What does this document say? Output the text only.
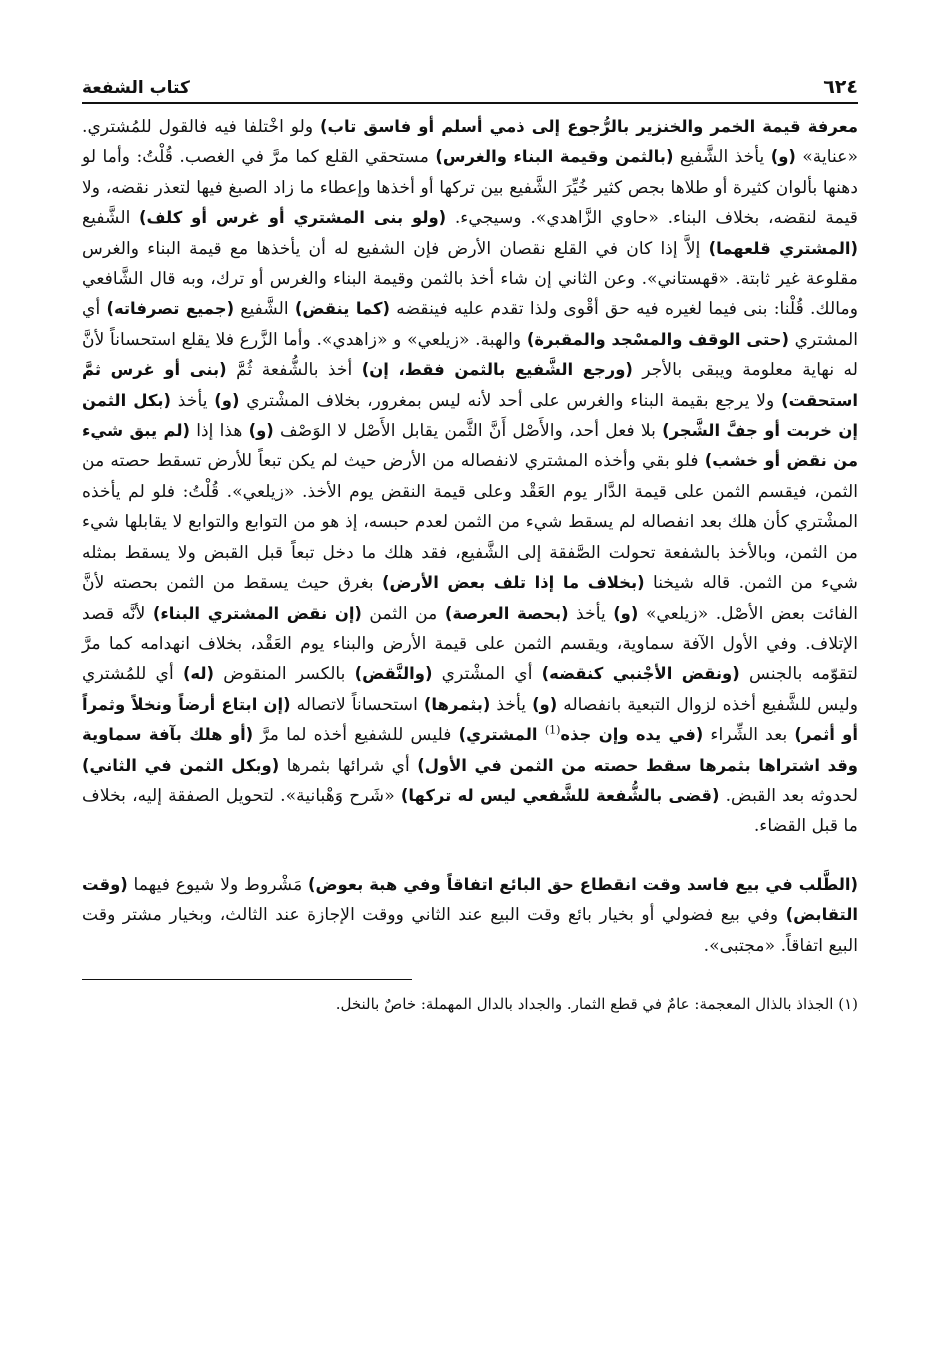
٦٢٤
كتاب الشفعة

معرفة قيمة الخمر والخنزير بالرُّجوع إلى ذمي أسلم أو فاسق تاب) ولو اخْتلفا فيه فالقول للمُشتري. «عناية» (و) يأخذ الشَّفيع (بالثمن وقيمة البناء والغرس) مستحقي القلع كما مرَّ في الغصب. قُلْتُ: وأما لو دهنها بألوان كثيرة أو طلاها بجص كثير خُيِّرَ الشَّفيع بين تركها أو أخذها وإعطاء ما زاد الصبغ فيها لتعذر نقضه، ولا قيمة لنقضه، بخلاف البناء. «حاوي الزَّاهدي». وسيجيء. (ولو بنى المشتري أو غرس أو كلف) الشَّفيع (المشتري قلعهما) إلاَّ إذا كان في القلع نقصان الأرض فإن الشفيع له أن يأخذها مع قيمة البناء والغرس مقلوعة غير ثابتة. «قهستاني». وعن الثاني إن شاء أخذ بالثمن وقيمة البناء والغرس أو ترك، وبه قال الشَّافعي ومالك. قُلْنا: بنى فيما لغيره فيه حق أقْوى ولذا تقدم عليه فينقضه (كما ينقض) الشَّفيع (جميع تصرفاته) أي المشتري (حتى الوقف والمسْجد والمقبرة) والهبة. «زيلعي» و «زاهدي». وأما الزَّرع فلا يقلع استحساناً لأنَّ له نهاية معلومة ويبقى بالأجر (ورجع الشَّفيع بالثمن فقط، إن) أخذ بالشُّفعة ثُمَّ (بنى أو غرس ثمَّ استحقت) ولا يرجع بقيمة البناء والغرس على أحد لأنه ليس بمغرور، بخلاف المشْتري (و) يأخذ (بكل الثمن إن خربت أو جفَّ الشَّجر) بلا فعل أحد، والأَصْل أَنَّ الثَّمن يقابل الأَصْل لا الوَصْف (و) هذا إذا (لم يبق شيء من نقض أو خشب) فلو بقي وأخذه المشتري لانفصاله من الأرض حيث لم يكن تبعاً للأرض تسقط حصته من الثمن، فيقسم الثمن على قيمة الدَّار يوم العَقْد وعلى قيمة النقض يوم الأخذ. «زيلعي». قُلْتُ: فلو لم يأخذه المشْتري كأن هلك بعد انفصاله لم يسقط شيء من الثمن لعدم حبسه، إذ هو من التوابع والتوابع لا يقابلها شيء من الثمن، وبالأخذ بالشفعة تحولت الصَّفقة إلى الشَّفيع، فقد هلك ما دخل تبعاً قبل القبض ولا يسقط بمثله شيء من الثمن. قاله شيخنا (بخلاف ما إذا تلف بعض الأرض) بغرق حيث يسقط من الثمن بحصته لأنَّ الفائت بعض الأصْل. «زيلعي» (و) يأخذ (بحصة العرصة) من الثمن (إن نقض المشتري البناء) لأنَّه قصد الإتلاف. وفي الأول الآفة سماوية، ويقسم الثمن على قيمة الأرض والبناء يوم العَقْد، بخلاف انهدامه كما مرَّ لتقوّمه بالجنس (ونقض الأجْنبي كنقضه) أي المشْتري (والنَّقض) بالكسر المنقوض (له) أي للمُشتري وليس للشَّفيع أخذه لزوال التبعية بانفصاله (و) يأخذ (بثمرها) استحساناً لاتصاله (إن ابتاع أرضاً ونخلاً وثمراً أو أثمر) بعد الشِّراء (في يده وإن جذه$^{(1)}$ المشتري) فليس للشفيع أخذه لما مرَّ (أو هلك بآفة سماوية وقد اشتراها بثمرها سقط حصته من الثمن في الأول) أي شرائها بثمرها (وبكل الثمن في الثاني) لحدوثه بعد القبض. (قضى بالشُّفعة للشَّفعي ليس له تركها) «شَرح وَهْبانية». لتحويل الصفقة إليه، بخلاف ما قبل القضاء.

(الطَّلب في بيع فاسد وقت انقطاع حق البائع اتفاقاً وفي هبة بعوض) مَشْروط ولا شيوع فيهما (وقت التقابض) وفي بيع فضولي أو بخيار بائع وقت البيع عند الثاني ووقت الإجازة عند الثالث، وبخيار مشتر وقت البيع اتفاقاً. «مجتبى».

(١) الجذاذ بالذال المعجمة: عامٌ في قطع الثمار. والجداد بالدال المهملة: خاصٌ بالنخل.
